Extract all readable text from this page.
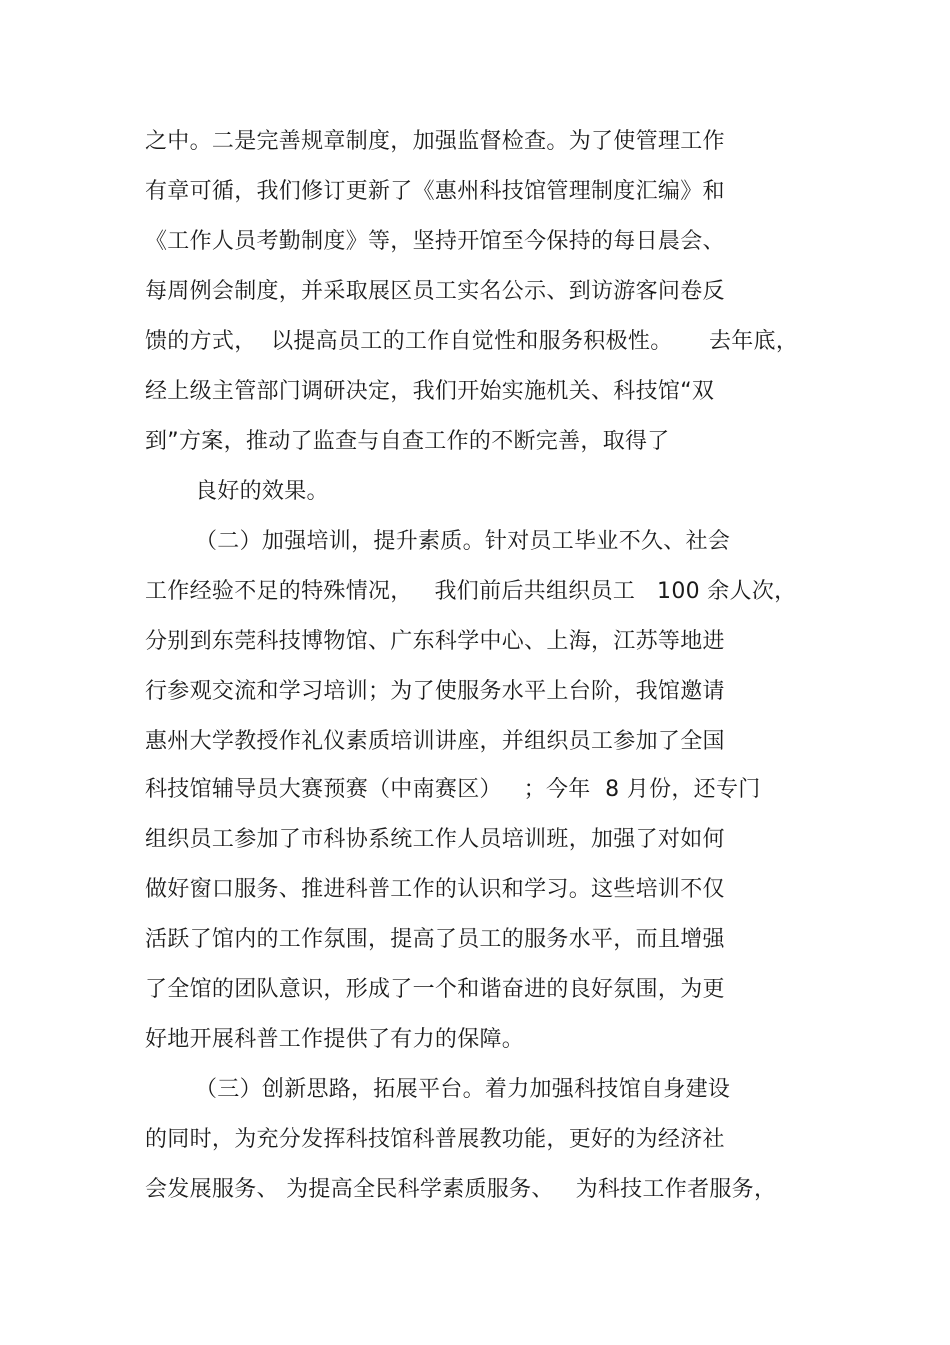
之中。二是完善规章制度，加强监督检查。为了使管理工作
有章可循，我们修订更新了《惠州科技馆管理制度汇编》和
《工作人员考勤制度》等，坚持开馆至今保持的每日晨会、
每周例会制度，并采取展区员工实名公示、到访游客问卷反
馈的方式，  以提高员工的工作自觉性和服务积极性。     去年底，
经上级主管部门调研决定，我们开始实施机关、科技馆“双
到”方案，推动了监查与自查工作的不断完善，取得了
良好的效果。
（二）加强培训，提升素质。针对员工毕业不久、社会
工作经验不足的特殊情况，   我们前后共组织员工   100 余人次，
分别到东莞科技博物馆、广东科学中心、上海，江苏等地进
行参观交流和学习培训；为了使服务水平上台阶，我馆邀请
惠州大学教授作礼仪素质培训讲座，并组织员工参加了全国
科技馆辅导员大赛预赛（中南赛区）   ；今年  8 月份，还专门
组织员工参加了市科协系统工作人员培训班，加强了对如何
做好窗口服务、推进科普工作的认识和学习。这些培训不仅
活跃了馆内的工作氛围，提高了员工的服务水平，而且增强
了全馆的团队意识，形成了一个和谐奋进的良好氛围，为更
好地开展科普工作提供了有力的保障。
（三）创新思路，拓展平台。着力加强科技馆自身建设
的同时，为充分发挥科技馆科普展教功能，更好的为经济社
会发展服务、 为提高全民科学素质服务、   为科技工作者服务，
